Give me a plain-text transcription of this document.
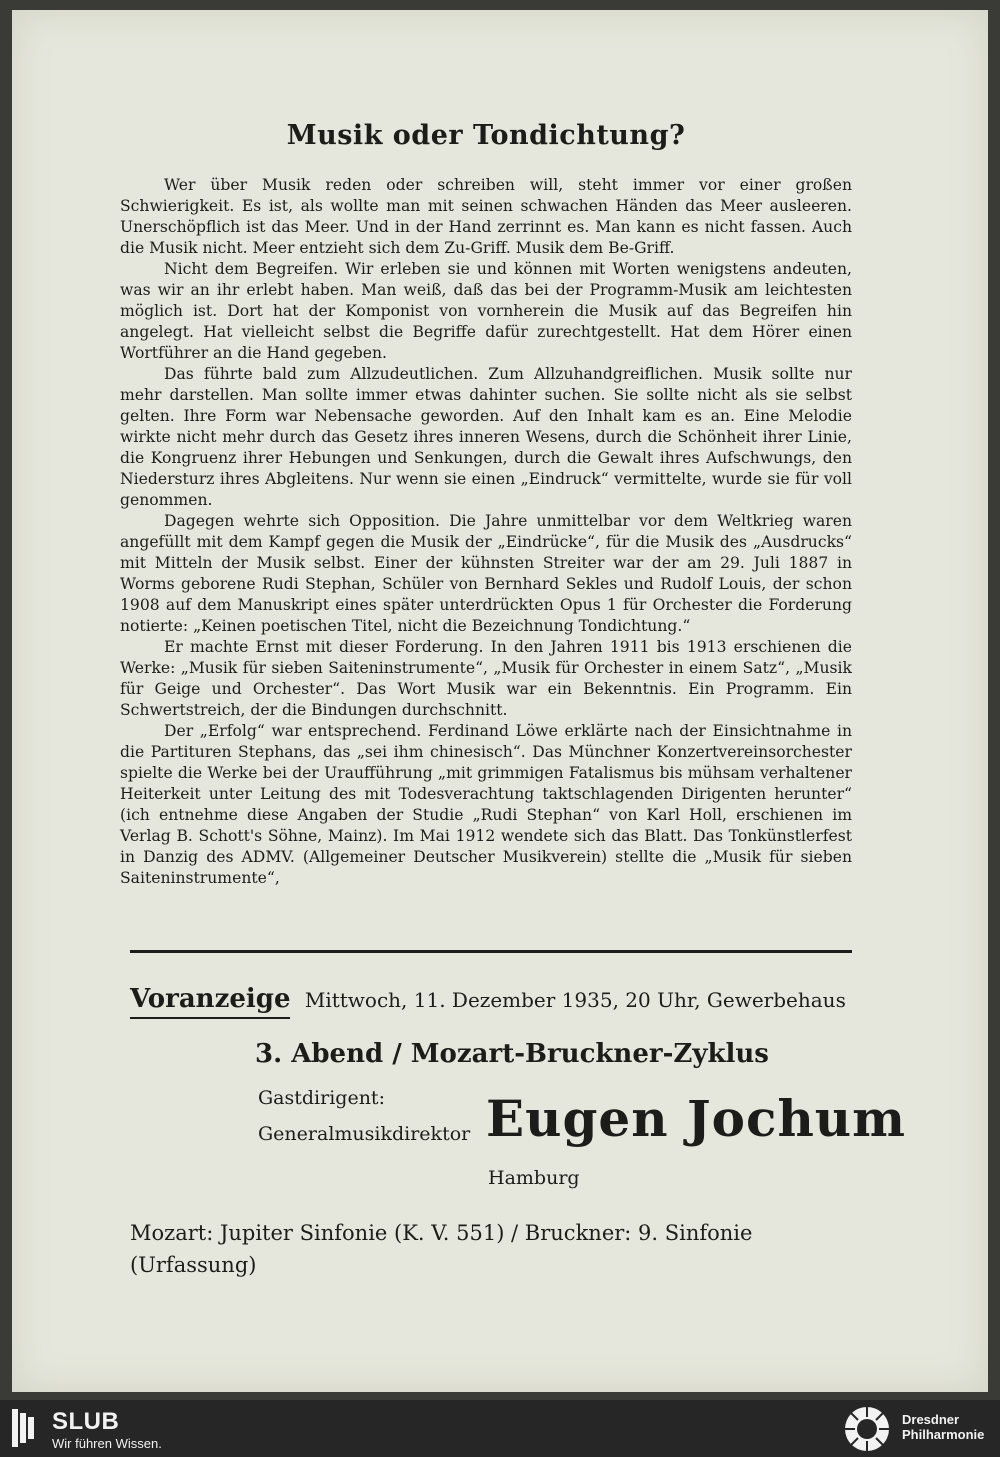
Musik oder Tondichtung?

Wer über Musik reden oder schreiben will, steht immer vor einer großen Schwierigkeit. Es ist, als wollte man mit seinen schwachen Händen das Meer ausleeren. Unerschöpflich ist das Meer. Und in der Hand zerrinnt es. Man kann es nicht fassen. Auch die Musik nicht. Meer entzieht sich dem Zu-Griff. Musik dem Be-Griff.

Nicht dem Begreifen. Wir erleben sie und können mit Worten wenigstens andeuten, was wir an ihr erlebt haben. Man weiß, daß das bei der Programm-Musik am leichtesten möglich ist. Dort hat der Komponist von vornherein die Musik auf das Begreifen hin angelegt. Hat vielleicht selbst die Begriffe dafür zurechtgestellt. Hat dem Hörer einen Wortführer an die Hand gegeben.

Das führte bald zum Allzudeutlichen. Zum Allzuhandgreiflichen. Musik sollte nur mehr darstellen. Man sollte immer etwas dahinter suchen. Sie sollte nicht als sie selbst gelten. Ihre Form war Nebensache geworden. Auf den Inhalt kam es an. Eine Melodie wirkte nicht mehr durch das Gesetz ihres inneren Wesens, durch die Schönheit ihrer Linie, die Kongruenz ihrer Hebungen und Senkungen, durch die Gewalt ihres Aufschwungs, den Niedersturz ihres Abgleitens. Nur wenn sie einen „Eindruck“ vermittelte, wurde sie für voll genommen.

Dagegen wehrte sich Opposition. Die Jahre unmittelbar vor dem Weltkrieg waren angefüllt mit dem Kampf gegen die Musik der „Eindrücke“, für die Musik des „Ausdrucks“ mit Mitteln der Musik selbst. Einer der kühnsten Streiter war der am 29. Juli 1887 in Worms geborene Rudi Stephan, Schüler von Bernhard Sekles und Rudolf Louis, der schon 1908 auf dem Manuskript eines später unterdrückten Opus 1 für Orchester die Forderung notierte: „Keinen poetischen Titel, nicht die Bezeichnung Tondichtung.“

Er machte Ernst mit dieser Forderung. In den Jahren 1911 bis 1913 erschienen die Werke: „Musik für sieben Saiteninstrumente“, „Musik für Orchester in einem Satz“, „Musik für Geige und Orchester“. Das Wort Musik war ein Bekenntnis. Ein Programm. Ein Schwertstreich, der die Bindungen durchschnitt.

Der „Erfolg“ war entsprechend. Ferdinand Löwe erklärte nach der Einsichtnahme in die Partituren Stephans, das „sei ihm chinesisch“. Das Münchner Konzertvereinsorchester spielte die Werke bei der Uraufführung „mit grimmigen Fatalismus bis mühsam verhaltener Heiterkeit unter Leitung des mit Todesverachtung taktschlagenden Dirigenten herunter“ (ich entnehme diese Angaben der Studie „Rudi Stephan“ von Karl Holl, erschienen im Verlag B. Schott's Söhne, Mainz). Im Mai 1912 wendete sich das Blatt. Das Tonkünstlerfest in Danzig des ADMV. (Allgemeiner Deutscher Musikverein) stellte die „Musik für sieben Saiteninstrumente“,

Voranzeige Mittwoch, 11. Dezember 1935, 20 Uhr, Gewerbehaus
3. Abend / Mozart-Bruckner-Zyklus
Gastdirigent:
Generalmusikdirektor Eugen Jochum
Hamburg
Mozart: Jupiter Sinfonie (K. V. 551) / Bruckner: 9. Sinfonie (Urfassung)
SLUB
Wir führen Wissen.
Dresdner
Philharmonie
